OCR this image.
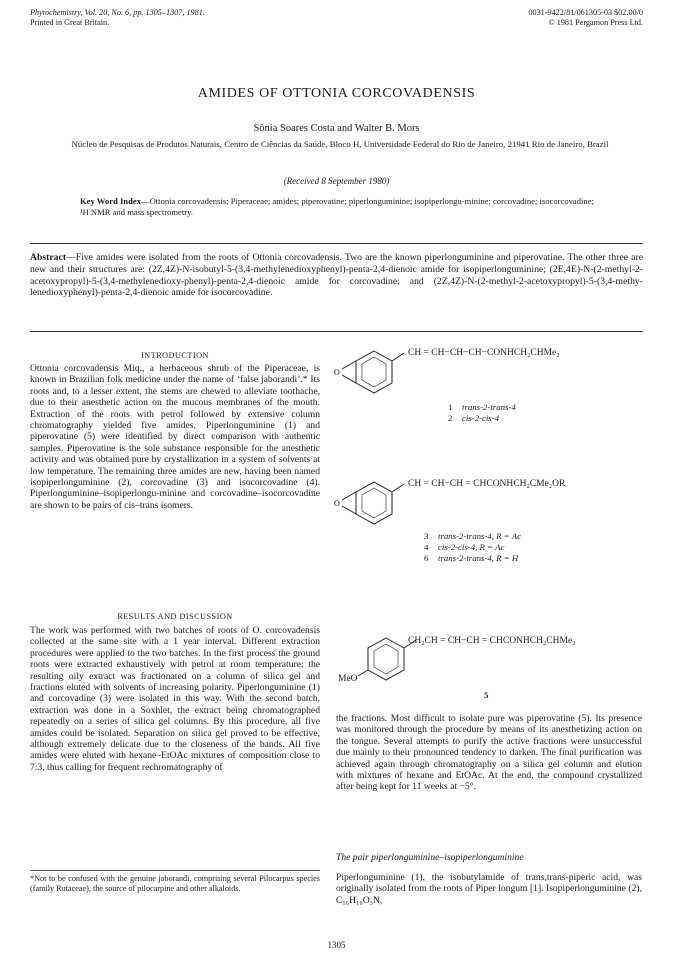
Phytochemistry, Vol. 20, No. 6, pp. 1305–1307, 1981.
Printed in Great Britain.
0031-9422/81/061305-03 $02.00/0
© 1981 Pergamon Press Ltd.
AMIDES OF OTTONIA CORCOVADENSIS
Sônia Soares Costa and Walter B. Mors
Núcleo de Pesquisas de Produtos Naturais, Centro de Ciências da Saúde, Bloco H, Universidade Federal do Rio de Janeiro, 21941 Rio de Janeiro, Brazil
(Received 8 September 1980)
Key Word Index—Ottonia corcovadensis; Piperaceae; amides; piperovatine; piperlonguminine; isopiperlongu-minine; corcovadine; isocorcovadine; ¹H NMR and mass spectrometry.
Abstract—Five amides were isolated from the roots of Ottonia corcovadensis. Two are the known piperlonguminine and piperovatine. The other three are new and their structures are: (2Z,4Z)-N-isobutyl-5-(3,4-methylenedioxyphenyl)-penta-2,4-dienoic amide for isopiperlonguminine; (2E,4E)-N-(2-methyl-2-acetoxypropyl)-5-(3,4-methylenedioxy-phenyl)-penta-2,4-dienoic amide for corcovadine; and (2Z,4Z)-N-(2-methyl-2-acetoxypropyl)-5-(3,4-methy-lenedioxyphenyl)-penta-2,4-dienoic amide for isocorcovadine.
INTRODUCTION
Ottonia corcovadensis Miq., a herbaceous shrub of the Piperaceae, is known in Brazilian folk medicine under the name of ‘false jaborandi’.* Its roots and, to a lesser extent, the stems are chewed to alleviate toothache, due to their anesthetic action on the mucous membranes of the mouth. Extraction of the roots with petrol followed by extensive column chromatography yielded five amides. Piperlonguminine (1) and piperovatine (5) were identified by direct comparison with authentic samples. Piperovatine is the sole substance responsible for the anesthetic activity and was obtained pure by crystallization in a system of solvents at low temperature. The remaining three amides are new, having been named isopiperlonguminine (2), corcovadine (3) and isocorcovadine (4). Piperlonguminine–isopiperlongu-minine and corcovadine–isocorcovadine are shown to be pairs of cis–trans isomers.
RESULTS AND DISCUSSION
The work was performed with two batches of roots of O. corcovadensis collected at the same site with a 1 year interval. Different extraction procedures were applied to the two batches. In the first process the ground roots were extracted exhaustively with petrol at room temperature; the resulting oily extract was fractionated on a column of silica gel and fractions eluted with solvents of increasing polarity. Piperlonguminine (1) and corcovadine (3) were isolated in this way. With the second batch, extraction was done in a Soxhlet, the extract being chromatographed repeatedly on a series of silica gel columns. By this procedure, all five amides could be isolated. Separation on silica gel proved to be effective, although extremely delicate due to the closeness of the bands. All five amides were eluted with hexane–EtOAc mixtures of composition close to 7:3, thus calling for frequent rechromatography of
*Not to be confused with the genuine jaborandi, comprising several Pilocarpus species (family Rutaceae), the source of pilocarpine and other alkaloids.
O
CH = CH−CH−CH−CONHCH₂CHMe₂
1 trans-2-trans-4
2 cis-2-cis-4
O
CH = CH−CH = CHCONHCH₂CMe₂OR
3 trans-2-trans-4, R = Ac
4 cis-2-cis-4, R = Ac
6 trans-2-trans-4, R = H
MeO
CH₂CH = CH−CH = CHCONHCH₂CHMe₂
5
the fractions. Most difficult to isolate pure was piperovatine (5). Its presence was monitored through the procedure by means of its anesthetizing action on the tongue. Several attempts to purify the active fractions were unsuccessful due mainly to their pronounced tendency to darken. The final purification was achieved again through chromatography on a silica gel column and elution with mixtures of hexane and EtOAc. At the end, the compound crystallized after being kept for 11 weeks at −5°.
The pair piperlonguminine–isopiperlonguminine
Piperlonguminine (1), the isobutylamide of trans,trans-piperic acid, was originally isolated from the roots of Piper longum [1]. Isopiperlonguminine (2), C₁₆H₁₉O₃N,
1305
